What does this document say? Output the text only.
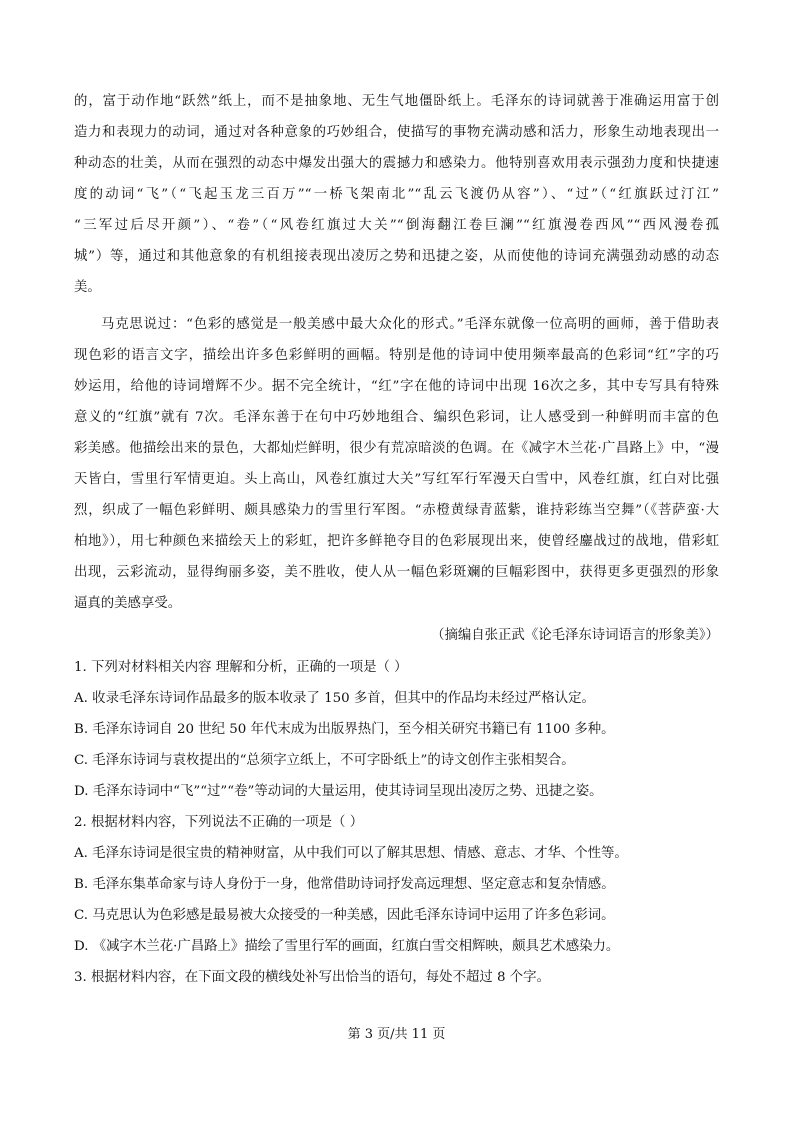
的，富于动作地“跃然”纸上，而不是抽象地、无生气地僵卧纸上。毛泽东的诗词就善于准确运用富于创
造力和表现力的动词，通过对各种意象的巧妙组合，使描写的事物充满动感和活力，形象生动地表现出一
种动态的壮美，从而在强烈的动态中爆发出强大的震撼力和感染力。他特别喜欢用表示强劲力度和快捷速
度的动词“飞”（“飞起玉龙三百万”“一桥飞架南北”“乱云飞渡仍从容”）、“过”（“红旗跃过汀江”
“三军过后尽开颜”）、“卷”（“风卷红旗过大关”“倒海翻江卷巨澜”“红旗漫卷西风”“西风漫卷孤
城”）等，通过和其他意象的有机组接表现出凌厉之势和迅捷之姿，从而使他的诗词充满强劲动感的动态
美。
马克思说过：“色彩的感觉是一般美感中最大众化的形式。”毛泽东就像一位高明的画师，善于借助表
现色彩的语言文字，描绘出许多色彩鲜明的画幅。特别是他的诗词中使用频率最高的色彩词“红”字的巧
妙运用，给他的诗词增辉不少。据不完全统计，“红”字在他的诗词中出现 16次之多，其中专写具有特殊
意义的“红旗”就有 7次。毛泽东善于在句中巧妙地组合、编织色彩词，让人感受到一种鲜明而丰富的色
彩美感。他描绘出来的景色，大都灿烂鲜明，很少有荒凉暗淡的色调。在《减字木兰花·广昌路上》中，“漫
天皆白，雪里行军情更迫。头上高山，风卷红旗过大关”写红军行军漫天白雪中，风卷红旗，红白对比强
烈，织成了一幅色彩鲜明、颇具感染力的雪里行军图。“赤橙黄绿青蓝紫，谁持彩练当空舞”（《菩萨蛮·大
柏地》），用七种颜色来描绘天上的彩虹，把许多鲜艳夺目的色彩展现出来，使曾经鏖战过的战地，借彩虹
出现，云彩流动，显得绚丽多姿，美不胜收，使人从一幅色彩斑斓的巨幅彩图中，获得更多更强烈的形象
逼真的美感享受。
（摘编自张正武《论毛泽东诗词语言的形象美》）
1. 下列对材料相关内容 理解和分析，正确的一项是（ ）
A. 收录毛泽东诗词作品最多的版本收录了 150 多首，但其中的作品均未经过严格认定。
B. 毛泽东诗词自 20 世纪 50 年代末成为出版界热门，至今相关研究书籍已有 1100 多种。
C. 毛泽东诗词与袁枚提出的“总须字立纸上，不可字卧纸上”的诗文创作主张相契合。
D. 毛泽东诗词中“飞”“过”“卷”等动词的大量运用，使其诗词呈现出凌厉之势、迅捷之姿。
2. 根据材料内容，下列说法不正确的一项是（ ）
A. 毛泽东诗词是很宝贵的精神财富，从中我们可以了解其思想、情感、意志、才华、个性等。
B. 毛泽东集革命家与诗人身份于一身，他常借助诗词抒发高远理想、坚定意志和复杂情感。
C. 马克思认为色彩感是最易被大众接受的一种美感，因此毛泽东诗词中运用了许多色彩词。
D. 《减字木兰花·广昌路上》描绘了雪里行军的画面，红旗白雪交相辉映，颇具艺术感染力。
3. 根据材料内容，在下面文段的横线处补写出恰当的语句，每处不超过 8 个字。
第 3 页/共 11 页
